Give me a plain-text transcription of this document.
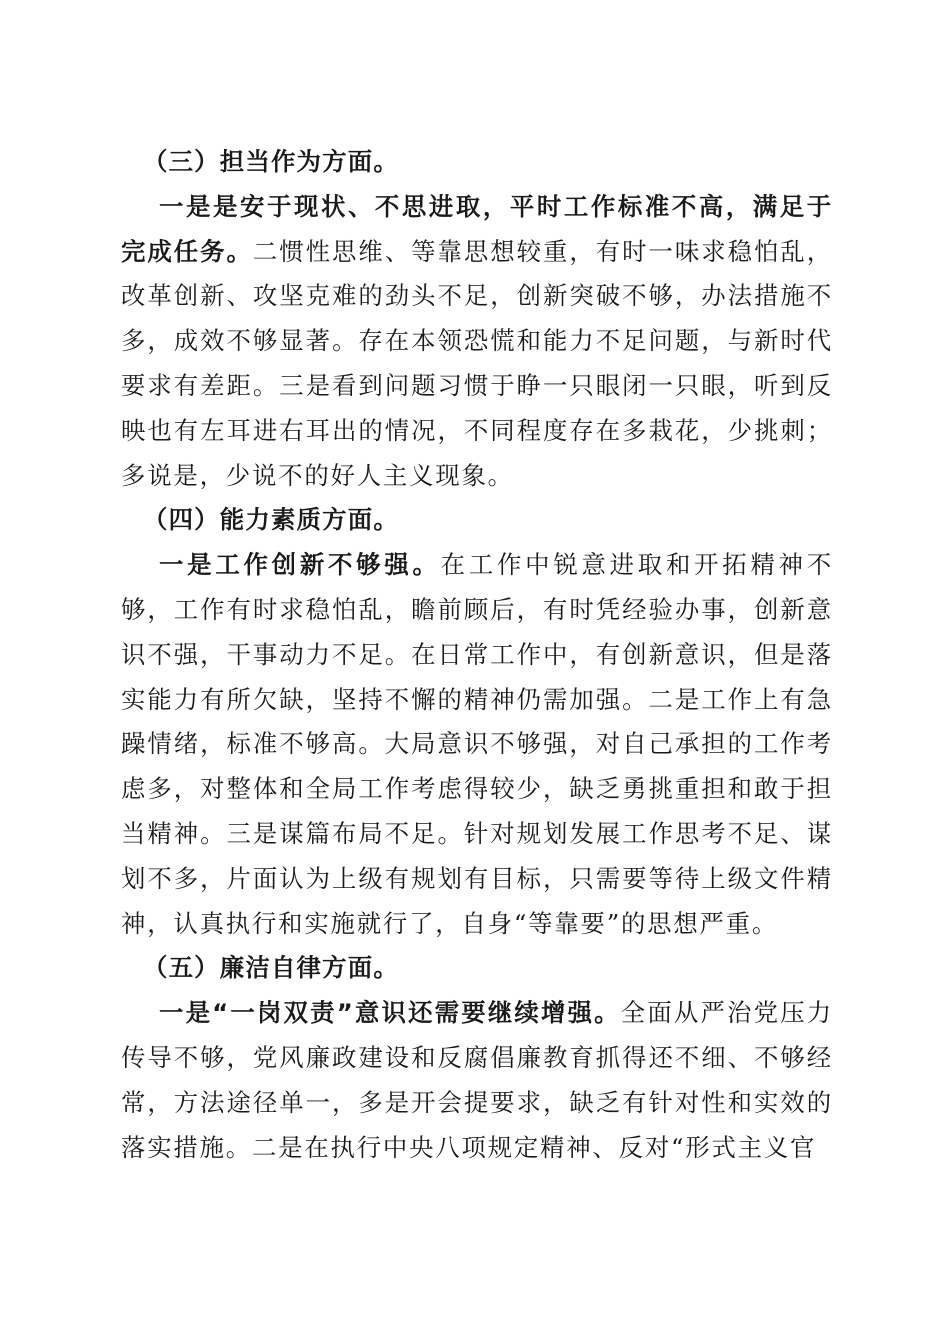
（三）担当作为方面。

一是是安于现状、不思进取，平时工作标准不高，满足于完成任务。二惯性思维、等靠思想较重，有时一味求稳怕乱，改革创新、攻坚克难的劲头不足，创新突破不够，办法措施不多，成效不够显著。存在本领恐慌和能力不足问题，与新时代要求有差距。三是看到问题习惯于睁一只眼闭一只眼，听到反映也有左耳进右耳出的情况，不同程度存在多栽花，少挑刺；多说是，少说不的好人主义现象。

（四）能力素质方面。

一是工作创新不够强。在工作中锐意进取和开拓精神不够，工作有时求稳怕乱，瞻前顾后，有时凭经验办事，创新意识不强，干事动力不足。在日常工作中，有创新意识，但是落实能力有所欠缺，坚持不懈的精神仍需加强。二是工作上有急躁情绪，标准不够高。大局意识不够强，对自己承担的工作考虑多，对整体和全局工作考虑得较少，缺乏勇挑重担和敢于担当精神。三是谋篇布局不足。针对规划发展工作思考不足、谋划不多，片面认为上级有规划有目标，只需要等待上级文件精神，认真执行和实施就行了，自身“等靠要”的思想严重。

（五）廉洁自律方面。

一是“一岗双责”意识还需要继续增强。全面从严治党压力传导不够，党风廉政建设和反腐倡廉教育抓得还不细、不够经常，方法途径单一，多是开会提要求，缺乏有针对性和实效的落实措施。二是在执行中央八项规定精神、反对“形式主义官
